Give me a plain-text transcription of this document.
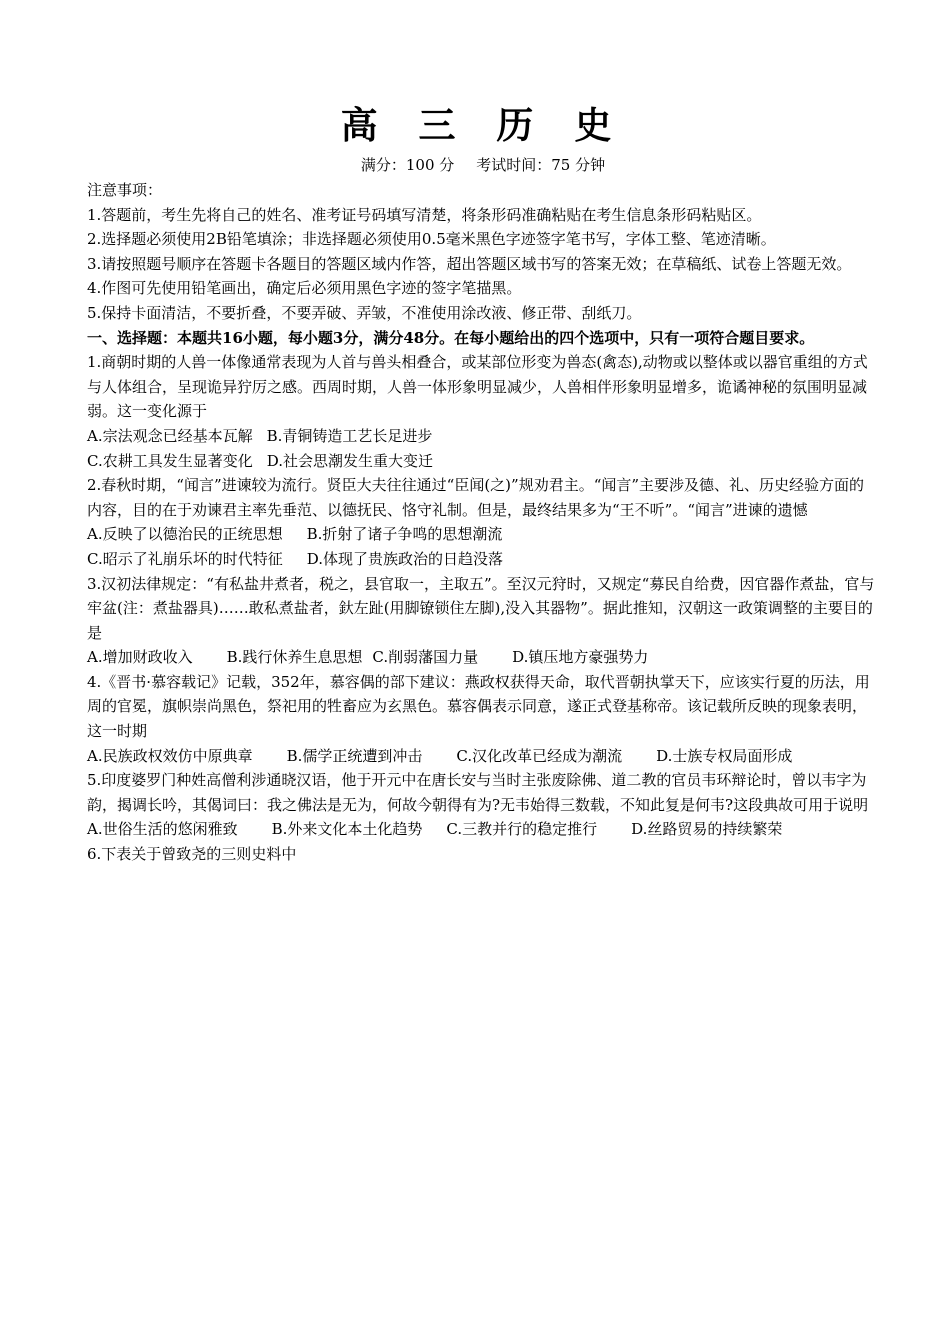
高 三 历 史
满分：100 分 考试时间：75 分钟
注意事项：
1.答题前，考生先将自己的姓名、准考证号码填写清楚，将条形码准确粘贴在考生信息条形码粘贴区。
2.选择题必须使用2B铅笔填涂；非选择题必须使用0.5毫米黑色字迹签字笔书写，字体工整、笔迹清晰。
3.请按照题号顺序在答题卡各题目的答题区域内作答，超出答题区域书写的答案无效；在草稿纸、试卷上答题无效。
4.作图可先使用铅笔画出，确定后必须用黑色字迹的签字笔描黑。
5.保持卡面清洁，不要折叠，不要弄破、弄皱，不准使用涂改液、修正带、刮纸刀。
一、选择题：本题共16小题，每小题3分，满分48分。在每小题给出的四个选项中，只有一项符合题目要求。
1.商朝时期的人兽一体像通常表现为人首与兽头相叠合，或某部位形变为兽态(禽态),动物或以整体或以器官重组的方式与人体组合，呈现诡异狞厉之感。西周时期，人兽一体形象明显减少，人兽相伴形象明显增多，诡谲神秘的氛围明显减弱。这一变化源于
A.宗法观念已经基本瓦解 B.青铜铸造工艺长足进步
C.农耕工具发生显著变化 D.社会思潮发生重大变迁
2.春秋时期，“闻言”进谏较为流行。贤臣大夫往往通过“臣闻(之)”规劝君主。“闻言”主要涉及德、礼、历史经验方面的内容，目的在于劝谏君主率先垂范、以德抚民、恪守礼制。但是，最终结果多为“王不听”。“闻言”进谏的遗憾
A.反映了以德治民的正统思想 B.折射了诸子争鸣的思想潮流
C.昭示了礼崩乐坏的时代特征 D.体现了贵族政治的日趋没落
3.汉初法律规定：“有私盐井煮者，税之，县官取一，主取五”。至汉元狩时，又规定“募民自给费，因官器作煮盐，官与牢盆(注：煮盐器具)……敢私煮盐者，釱左趾(用脚镣锁住左脚),没入其器物”。据此推知，汉朝这一政策调整的主要目的是
A.增加财政收入 B.践行休养生息思想 C.削弱藩国力量 D.镇压地方豪强势力
4.《晋书·慕容载记》记载，352年，慕容偶的部下建议：燕政权获得天命，取代晋朝执掌天下，应该实行夏的历法，用周的官冕，旗帜崇尚黑色，祭祀用的牲畜应为玄黑色。慕容偶表示同意，遂正式登基称帝。该记载所反映的现象表明，这一时期
A.民族政权效仿中原典章 B.儒学正统遭到冲击 C.汉化改革已经成为潮流 D.士族专权局面形成
5.印度婆罗门种姓高僧利涉通晓汉语，他于开元中在唐长安与当时主张废除佛、道二教的官员韦环辩论时，曾以韦字为韵，揭调长吟，其偈词曰：我之佛法是无为，何故今朝得有为?无韦始得三数载，不知此复是何韦?这段典故可用于说明
A.世俗生活的悠闲雅致 B.外来文化本土化趋势 C.三教并行的稳定推行 D.丝路贸易的持续繁荣
6.下表关于曾致尧的三则史料中
